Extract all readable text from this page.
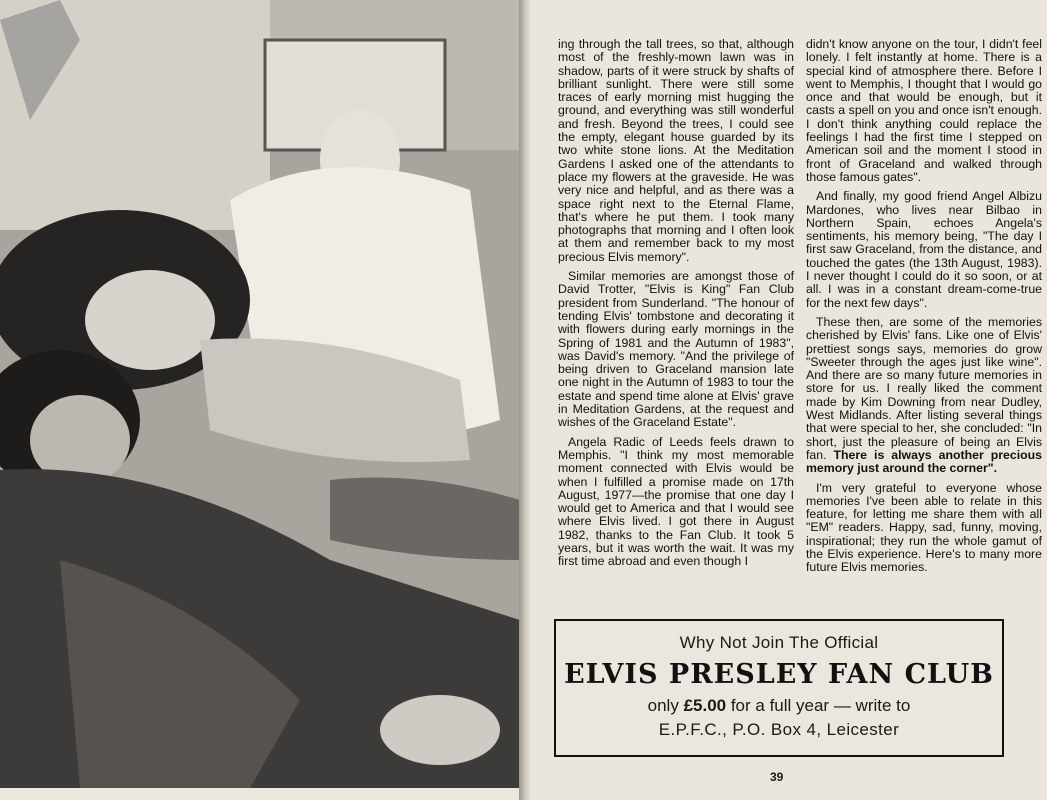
ing through the tall trees, so that, although most of the freshly-mown lawn was in shadow, parts of it were struck by shafts of brilliant sunlight. There were still some traces of early morning mist hugging the ground, and everything was still wonderful and fresh. Beyond the trees, I could see the empty, elegant house guarded by its two white stone lions. At the Meditation Gardens I asked one of the attendants to place my flowers at the graveside. He was very nice and helpful, and as there was a space right next to the Eternal Flame, that's where he put them. I took many photographs that morning and I often look at them and remember back to my most precious Elvis memory".

Similar memories are amongst those of David Trotter, "Elvis is King" Fan Club president from Sunderland. "The honour of tending Elvis' tombstone and decorating it with flowers during early mornings in the Spring of 1981 and the Autumn of 1983", was David's memory. "And the privilege of being driven to Graceland mansion late one night in the Autumn of 1983 to tour the estate and spend time alone at Elvis' grave in Meditation Gardens, at the request and wishes of the Graceland Estate".

Angela Radic of Leeds feels drawn to Memphis. "I think my most memorable moment connected with Elvis would be when I fulfilled a promise made on 17th August, 1977—the promise that one day I would get to America and that I would see where Elvis lived. I got there in August 1982, thanks to the Fan Club. It took 5 years, but it was worth the wait. It was my first time abroad and even though I

didn't know anyone on the tour, I didn't feel lonely. I felt instantly at home. There is a special kind of atmosphere there. Before I went to Memphis, I thought that I would go once and that would be enough, but it casts a spell on you and once isn't enough. I don't think anything could replace the feelings I had the first time I stepped on American soil and the moment I stood in front of Graceland and walked through those famous gates".

And finally, my good friend Angel Albizu Mardones, who lives near Bilbao in Northern Spain, echoes Angela's sentiments, his memory being, "The day I first saw Graceland, from the distance, and touched the gates (the 13th August, 1983). I never thought I could do it so soon, or at all. I was in a constant dream-come-true for the next few days".

These then, are some of the memories cherished by Elvis' fans. Like one of Elvis' prettiest songs says, memories do grow "Sweeter through the ages just like wine". And there are so many future memories in store for us. I really liked the comment made by Kim Downing from near Dudley, West Midlands. After listing several things that were special to her, she concluded: "In short, just the pleasure of being an Elvis fan. There is always another precious memory just around the corner".

I'm very grateful to everyone whose memories I've been able to relate in this feature, for letting me share them with all "EM" readers. Happy, sad, funny, moving, inspirational; they run the whole gamut of the Elvis experience. Here's to many more future Elvis memories.

Why Not Join The Official
ELVIS PRESLEY FAN CLUB
only £5.00 for a full year — write to
E.P.F.C., P.O. Box 4, Leicester
39
